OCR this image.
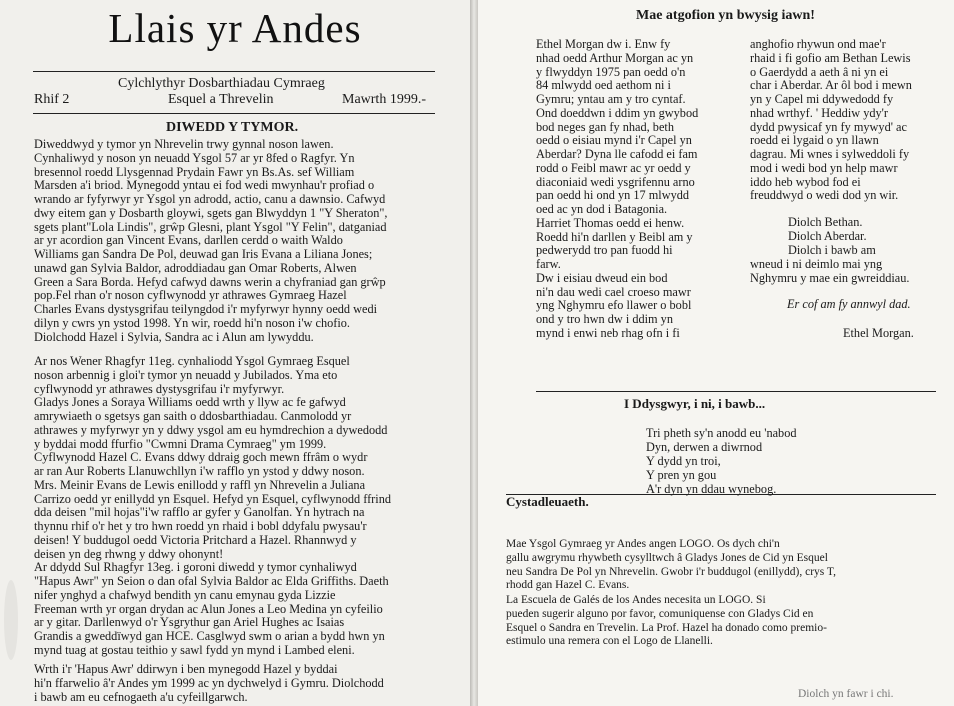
Llais yr Andes
Cylchlythyr Dosbarthiadau Cymraeg
Rhif 2	Esquel a Threvelin	Mawrth 1999.-
DIWEDD Y TYMOR.
Diweddwyd y tymor yn Nhrevelin trwy gynnal noson lawen.
Cynhaliwyd y noson yn neuadd Ysgol 57 ar yr 8fed o Ragfyr. Yn
bresennol roedd Llysgennad Prydain Fawr yn Bs.As. sef William
Marsden a'i briod. Mynegodd yntau ei fod wedi mwynhau'r profiad o
wrando ar fyfyrwyr yr Ysgol yn adrodd, actio, canu a dawnsio. Cafwyd
dwy eitem gan y Dosbarth gloywi, sgets gan Blwyddyn 1 "Y Sheraton",
sgets plant"Lola Lindis", grŵp Glesni, plant Ysgol "Y Felin", datganiad
ar yr acordion gan Vincent Evans, darllen cerdd o waith Waldo
Williams gan Sandra De Pol, deuwad gan Iris Evana a Liliana Jones;
unawd gan Sylvia Baldor, adroddiadau gan Omar Roberts, Alwen
Green a Sara Borda. Hefyd cafwyd dawns werin a chyfraniad gan grŵp
pop.Fel rhan o'r noson cyflwynodd yr athrawes Gymraeg Hazel
Charles Evans dystysgrifau teilyngdod i'r myfyrwyr hynny oedd wedi
dilyn y cwrs yn ystod 1998. Yn wir, roedd hi'n noson i'w chofio.
Diolchodd Hazel i Sylvia, Sandra ac i Alun am lywyddu.
Ar nos Wener Rhagfyr 11eg. cynhaliodd Ysgol Gymraeg Esquel
noson arbennig i gloi'r tymor yn neuadd y Jubilados. Yma eto
cyflwynodd yr athrawes dystysgrifau i'r myfyrwyr.
Gladys Jones a Soraya Williams oedd wrth y llyw ac fe gafwyd
amrywiaeth o sgetsys gan saith o ddosbarthiadau. Canmolodd yr
athrawes y myfyrwyr yn y ddwy ysgol am eu hymdrechion a dywedodd
y byddai modd ffurfio "Cwmni Drama Cymraeg" ym 1999.
Cyflwynodd Hazel C. Evans ddwy ddraig goch mewn ffrâm o wydr
ar ran Aur Roberts Llanuwchllyn i'w rafflo yn ystod y ddwy noson.
Mrs. Meinir Evans de Lewis enillodd y raffl yn Nhrevelin a Juliana
Carrizo oedd yr enillydd yn Esquel. Hefyd yn Esquel, cyflwynodd ffrind
dda deisen "mil hojas"i'w rafflo ar gyfer y Ganolfan. Yn hytrach na
thynnu rhif o'r het y tro hwn roedd yn rhaid i bobl ddyfalu pwysau'r
deisen! Y buddugol oedd Victoria Pritchard a Hazel. Rhannwyd y
deisen yn deg rhwng y ddwy ohonynt!
Ar ddydd Sul Rhagfyr 13eg. i goroni diwedd y tymor cynhaliwyd
"Hapus Awr" yn Seion o dan ofal Sylvia Baldor ac Elda Griffiths. Daeth
nifer ynghyd a chafwyd bendith yn canu emynau gyda Lizzie
Freeman wrth yr organ drydan ac Alun Jones a Leo Medina yn cyfeilio
ar y gitar. Darllenwyd o'r Ysgrythur gan Ariel Hughes ac Isaias
Grandis a gweddïwyd gan HCE. Casglwyd swm o arian a bydd hwn yn
mynd tuag at gostau teithio y sawl fydd yn mynd i Lambed eleni.
Wrth i'r 'Hapus Awr' ddirwyn i ben mynegodd Hazel y byddai
hi'n ffarwelio â'r Andes ym 1999 ac yn dychwelyd i Gymru. Diolchodd
i bawb am eu cefnogaeth a'u cyfeillgarwch.
Mae atgofion yn bwysig iawn!
Ethel Morgan dw i. Enw fy
nhad oedd Arthur Morgan ac yn
y flwyddyn 1975 pan oedd o'n
84 mlwydd oed aethom ni i
Gymru; yntau am y tro cyntaf.
Ond doeddwn i ddim yn gwybod
bod neges gan fy nhad, beth
oedd o eisiau mynd i'r Capel yn
Aberdar? Dyna lle cafodd ei fam
rodd o Feibl mawr ac yr oedd y
diaconiaid wedi ysgrifennu arno
pan oedd hi ond yn 17 mlwydd
oed ac yn dod i Batagonia.
Harriet Thomas oedd ei henw.
Roedd hi'n darllen y Beibl am y
pedwerydd tro pan fuodd hi
farw.
Dw i eisiau dweud ein bod
ni'n dau wedi cael croeso mawr
yng Nghymru efo llawer o bobl
ond y tro hwn dw i ddim yn
mynd i enwi neb rhag ofn i fi
anghofio rhywun ond mae'r
rhaid i fi gofio am Bethan Lewis
o Gaerdydd a aeth â ni yn ei
char i Aberdar. Ar ôl bod i mewn
yn y Capel mi ddywedodd fy
nhad wrthyf. ' Heddiw ydy'r
dydd pwysicaf yn fy mywyd' ac
roedd ei lygaid o yn llawn
dagrau. Mi wnes i sylweddoli fy
mod i wedi bod yn help mawr
iddo heb wybod fod ei
freuddwyd o wedi dod yn wir.
Diolch Bethan.
Diolch Aberdar.
Diolch i bawb am
wneud i ni deimlo mai yng
Nghymru y mae ein gwreiddiau.
Er cof am fy annwyl dad.
Ethel Morgan.
I Ddysgwyr, i ni, i bawb...
Tri pheth sy'n anodd eu 'nabod
Dyn, derwen a diwrnod
Y dydd yn troi,
Y pren yn gou
A'r dyn yn ddau wynebog.
Cystadleuaeth.
Mae Ysgol Gymraeg yr Andes angen LOGO. Os dych chi'n
gallu awgrymu rhywbeth cysylltwch â Gladys Jones de Cid yn Esquel
neu Sandra De Pol yn Nhrevelin. Gwobr i'r buddugol (enillydd), crys T,
rhodd gan Hazel C. Evans.
La Escuela de Galés de los Andes necesita un LOGO. Si
pueden sugerir alguno por favor, comuniquense con Gladys Cid en
Esquel o Sandra en Trevelin. La Prof. Hazel ha donado como premio-
estimulo una remera con el Logo de Llanelli.
Diolch yn fawr i chi.
